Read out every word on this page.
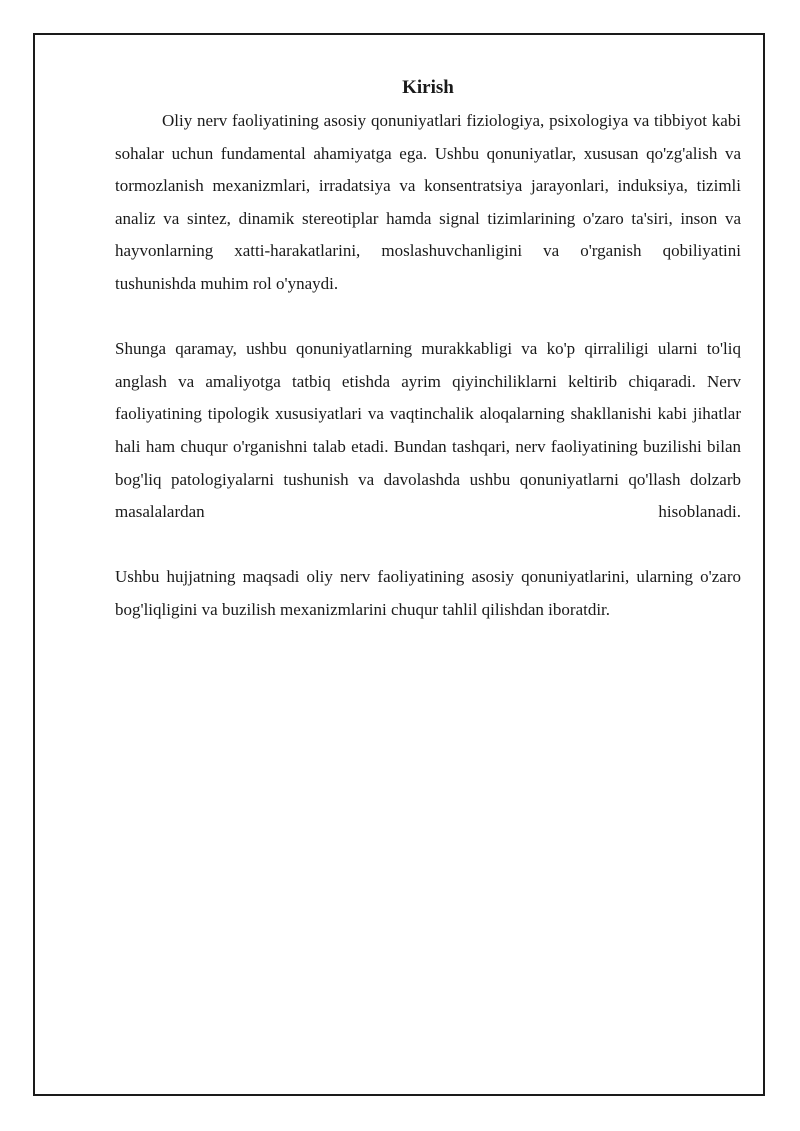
Kirish

Oliy nerv faoliyatining asosiy qonuniyatlari fiziologiya, psixologiya va tibbiyot kabi sohalar uchun fundamental ahamiyatga ega. Ushbu qonuniyatlar, xususan qo'zg'alish va tormozlanish mexanizmlari, irradatsiya va konsentratsiya jarayonlari, induksiya, tizimli analiz va sintez, dinamik stereotiplar hamda signal tizimlarining o'zaro ta'siri, inson va hayvonlarning xatti-harakatlarini, moslashuvchanligini va o'rganish qobiliyatini tushunishda muhim rol o'ynaydi.

Shunga qaramay, ushbu qonuniyatlarning murakkabligi va ko'p qirraliligi ularni to'liq anglash va amaliyotga tatbiq etishda ayrim qiyinchiliklarni keltirib chiqaradi. Nerv faoliyatining tipologik xususiyatlari va vaqtinchalik aloqalarning shakllanishi kabi jihatlar hali ham chuqur o'rganishni talab etadi. Bundan tashqari, nerv faoliyatining buzilishi bilan bog'liq patologiyalarni tushunish va davolashda ushbu qonuniyatlarni qo'llash dolzarb masalalardan hisoblanadi.

Ushbu hujjatning maqsadi oliy nerv faoliyatining asosiy qonuniyatlarini, ularning o'zaro bog'liqligini va buzilish mexanizmlarini chuqur tahlil qilishdan iboratdir.
